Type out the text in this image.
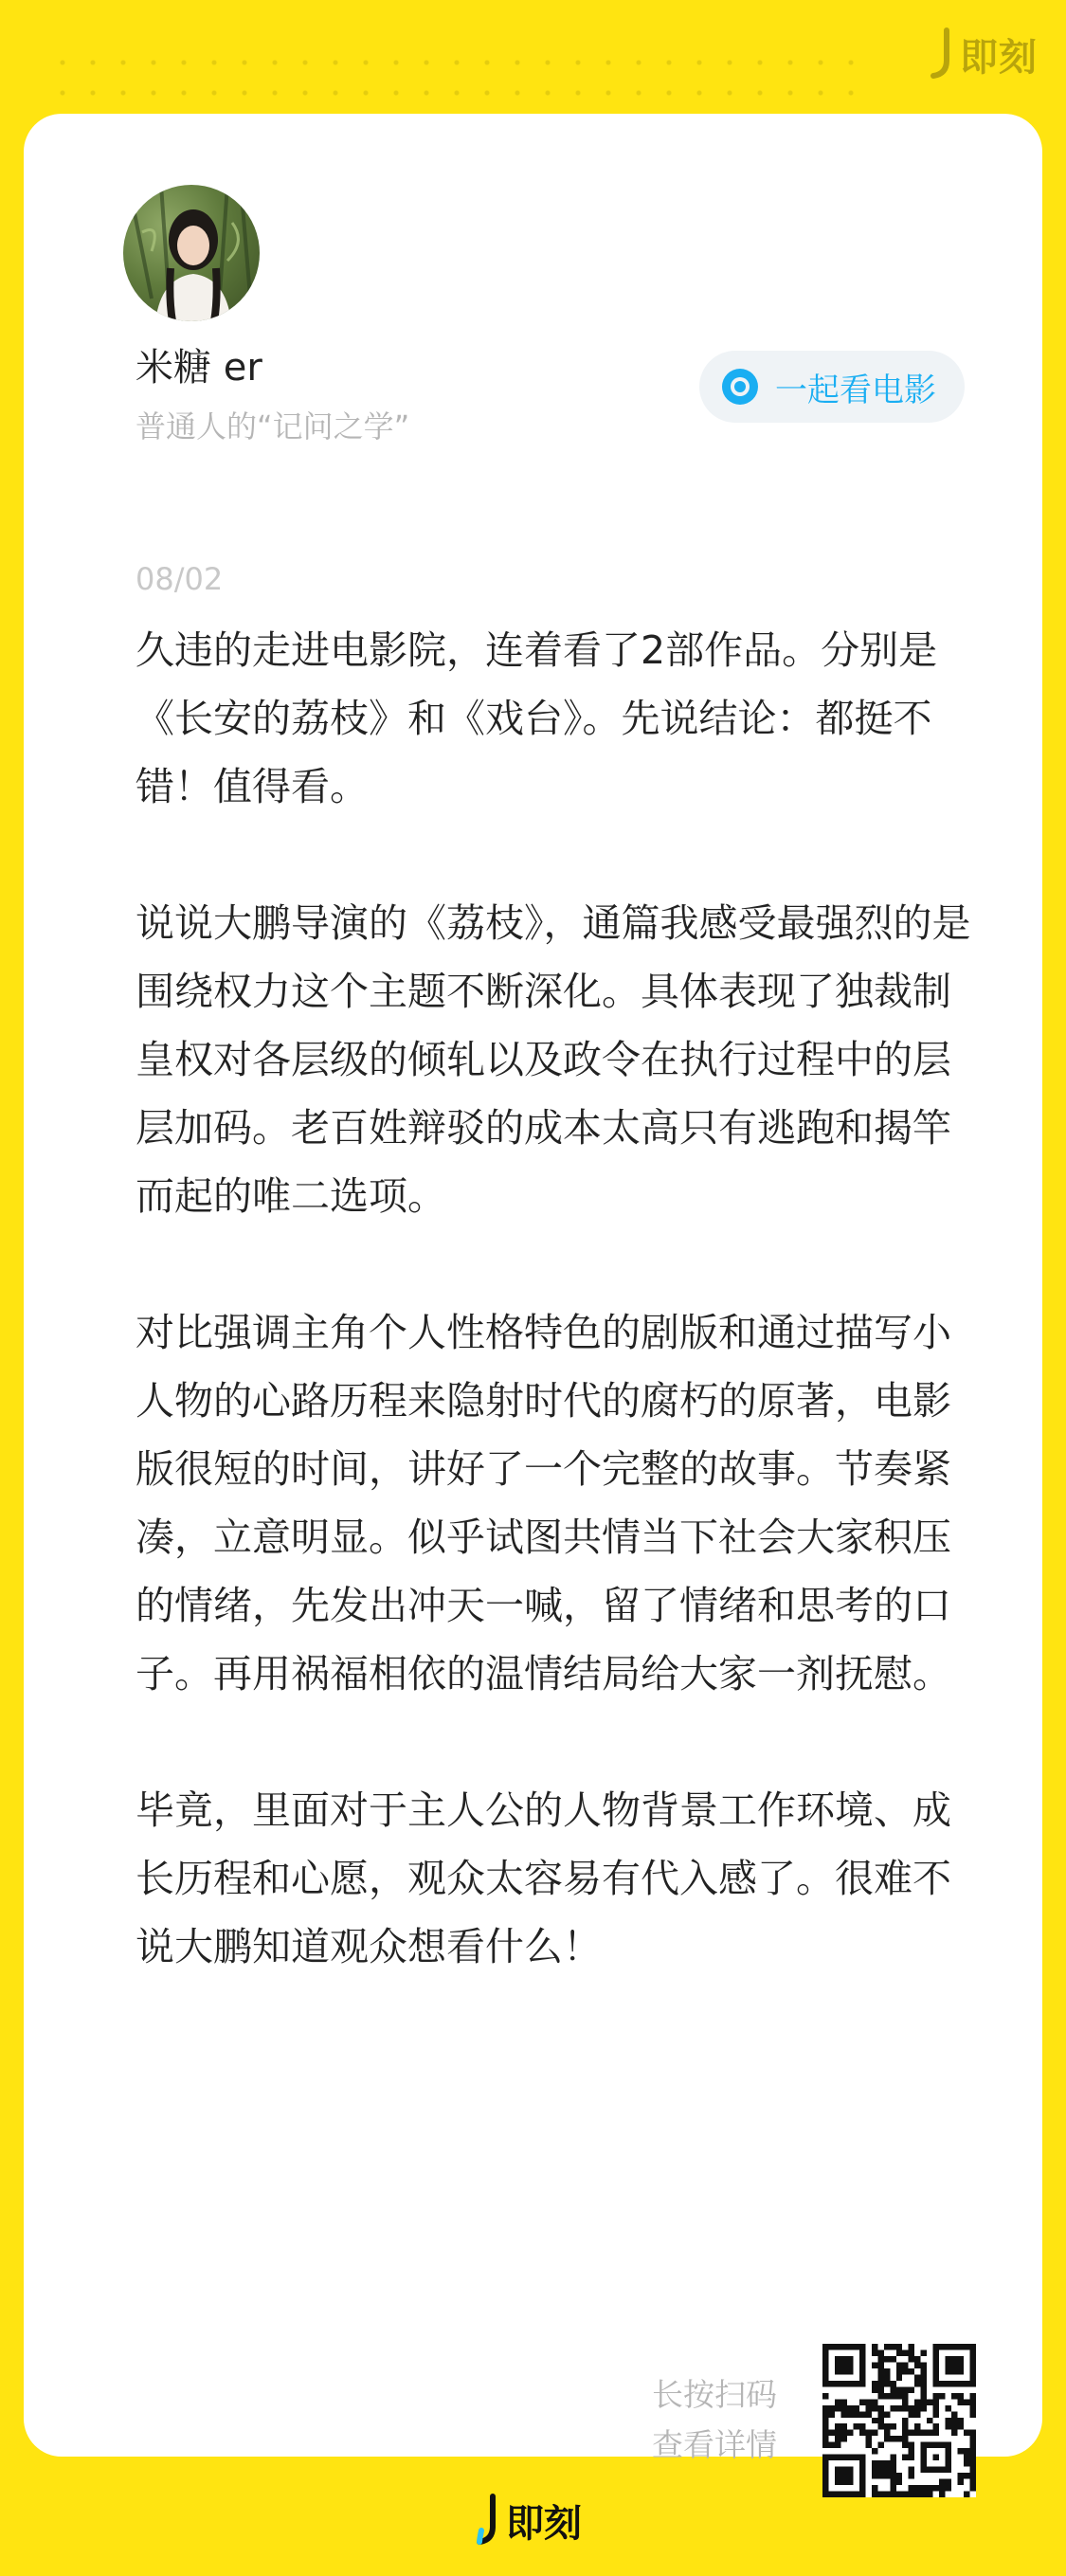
即刻
米糖 er
普通人的“记问之学”
一起看电影
08/02

久违的走进电影院，连着看了2部作品。分别是《长安的荔枝》和《戏台》。先说结论：都挺不错！值得看。

说说大鹏导演的《荔枝》，通篇我感受最强烈的是围绕权力这个主题不断深化。具体表现了独裁制皇权对各层级的倾轧以及政令在执行过程中的层层加码。老百姓辩驳的成本太高只有逃跑和揭竿而起的唯二选项。

对比强调主角个人性格特色的剧版和通过描写小人物的心路历程来隐射时代的腐朽的原著，电影版很短的时间，讲好了一个完整的故事。节奏紧凑，立意明显。似乎试图共情当下社会大家积压的情绪，先发出冲天一喊，留了情绪和思考的口子。再用祸福相依的温情结局给大家一剂抚慰。

毕竟，里面对于主人公的人物背景工作环境、成长历程和心愿，观众太容易有代入感了。很难不说大鹏知道观众想看什么！

长按扫码
查看详情
即刻
